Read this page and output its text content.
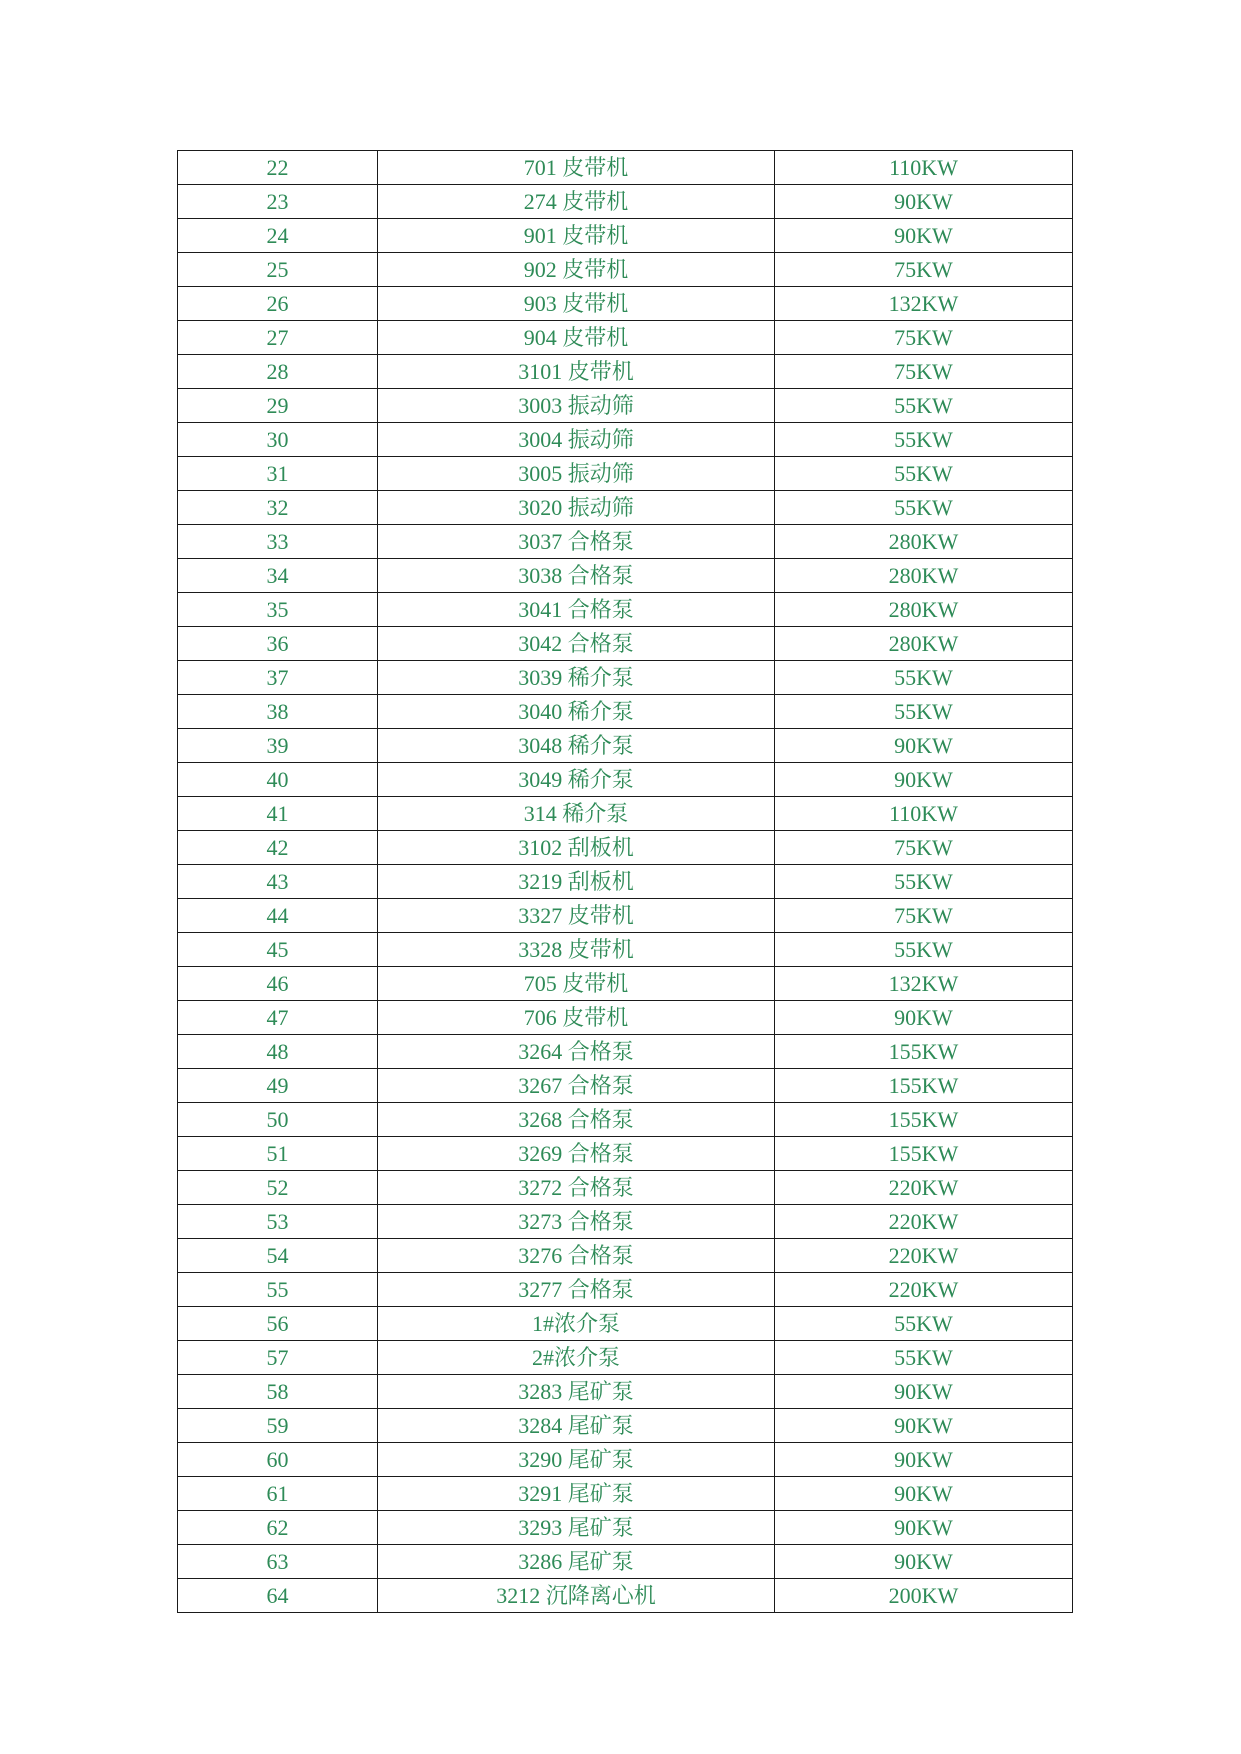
22	701 皮带机	110KW
23	274 皮带机	90KW
24	901 皮带机	90KW
25	902 皮带机	75KW
26	903 皮带机	132KW
27	904 皮带机	75KW
28	3101 皮带机	75KW
29	3003 振动筛	55KW
30	3004 振动筛	55KW
31	3005 振动筛	55KW
32	3020 振动筛	55KW
33	3037 合格泵	280KW
34	3038 合格泵	280KW
35	3041 合格泵	280KW
36	3042 合格泵	280KW
37	3039 稀介泵	55KW
38	3040 稀介泵	55KW
39	3048 稀介泵	90KW
40	3049 稀介泵	90KW
41	314 稀介泵	110KW
42	3102 刮板机	75KW
43	3219 刮板机	55KW
44	3327 皮带机	75KW
45	3328 皮带机	55KW
46	705 皮带机	132KW
47	706 皮带机	90KW
48	3264 合格泵	155KW
49	3267 合格泵	155KW
50	3268 合格泵	155KW
51	3269 合格泵	155KW
52	3272 合格泵	220KW
53	3273 合格泵	220KW
54	3276 合格泵	220KW
55	3277 合格泵	220KW
56	1#浓介泵	55KW
57	2#浓介泵	55KW
58	3283 尾矿泵	90KW
59	3284 尾矿泵	90KW
60	3290 尾矿泵	90KW
61	3291 尾矿泵	90KW
62	3293 尾矿泵	90KW
63	3286 尾矿泵	90KW
64	3212 沉降离心机	200KW
